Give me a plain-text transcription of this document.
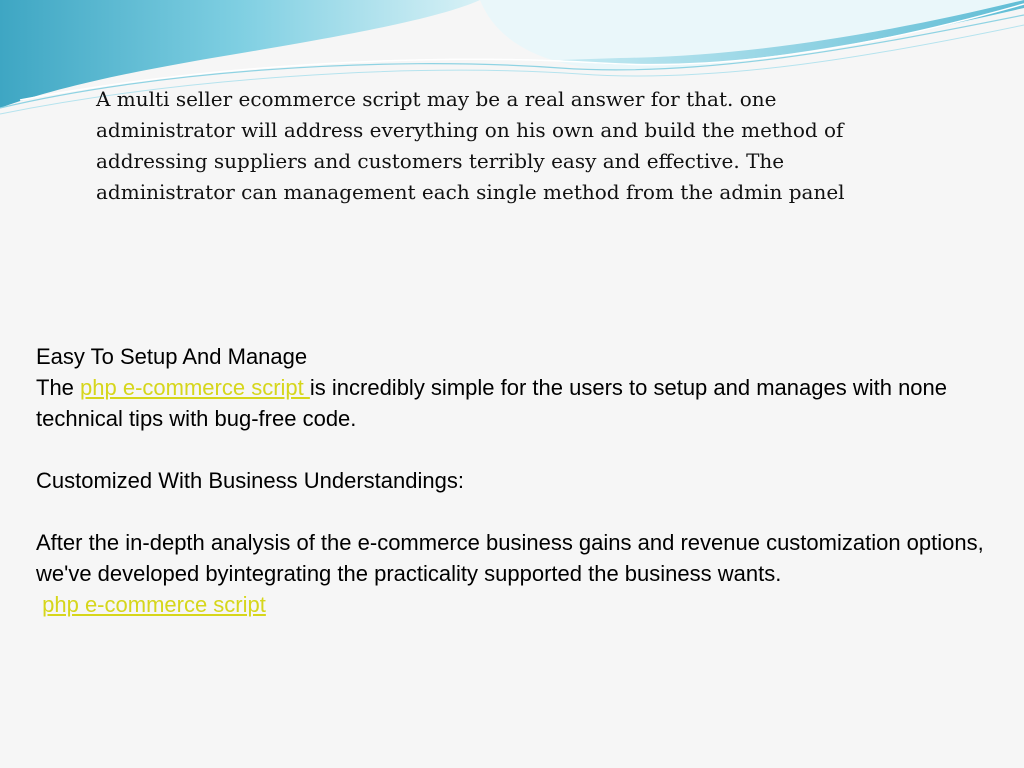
A multi seller ecommerce script may be a real answer for that. one administrator will address everything on his own and build the method of addressing suppliers and customers terribly easy and effective. The administrator can management each single method from the admin panel

Easy To Setup And Manage

The php e-commerce script is incredibly simple for the users to setup and manages with none technical tips with bug-free code.

Customized With Business Understandings:

After the in-depth analysis of the e-commerce business gains and revenue customization options, we've developed byintegrating the practicality supported the business wants.

php e-commerce script
